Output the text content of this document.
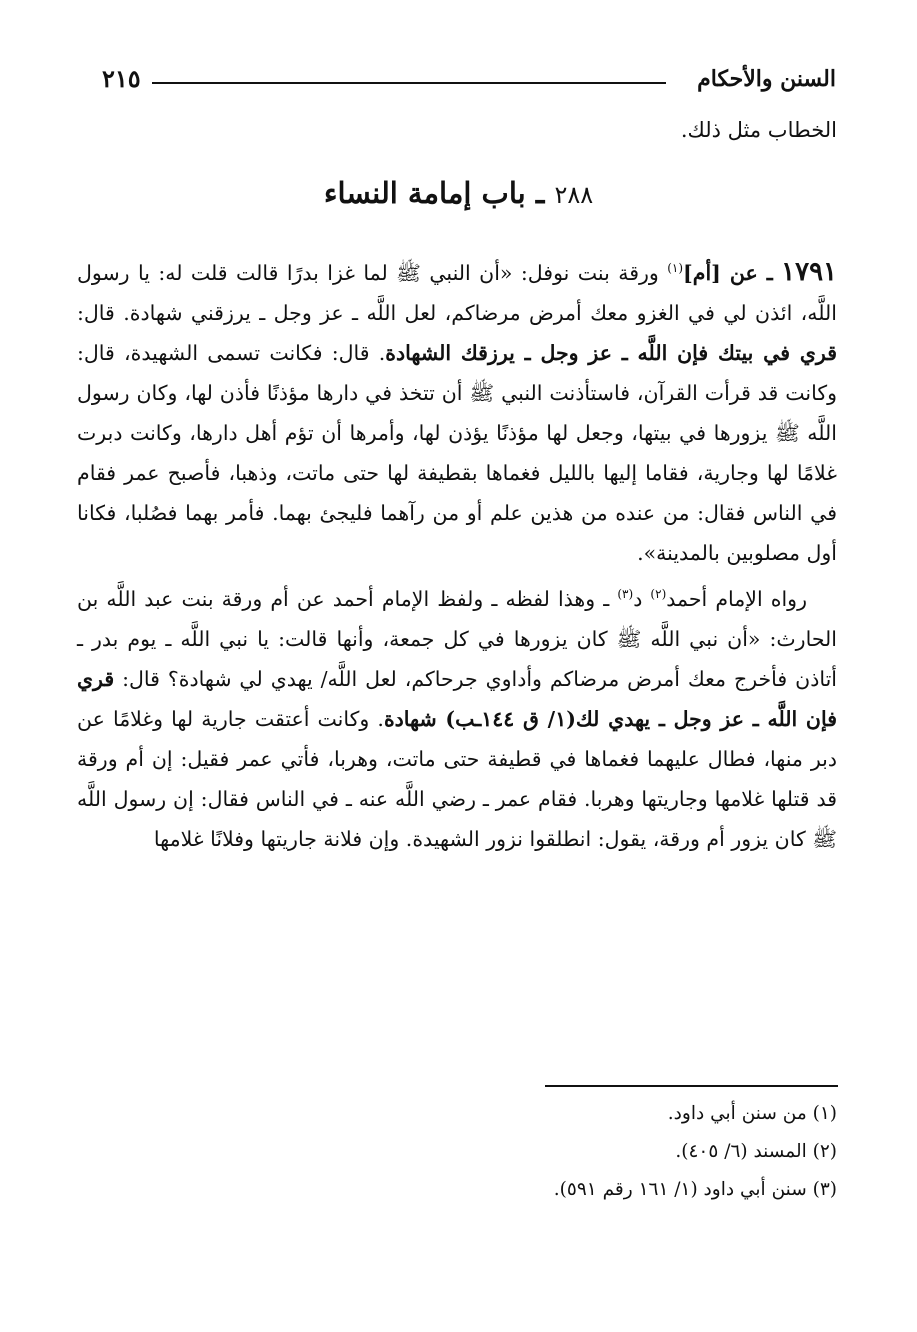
السنن والأحكام
٢١٥
الخطاب مثل ذلك.
٢٨٨ ـ باب إمامة النساء

١٧٩١ ـ عن [أم]$^{(١)}$ ورقة بنت نوفل: «أن النبي ﷺ لما غزا بدرًا قالت قلت له: يا رسول اللَّه، ائذن لي في الغزو معك أمرض مرضاكم، لعل اللَّه ـ عز وجل ـ يرزقني شهادة. قال: قري في بيتك فإن اللَّه ـ عز وجل ـ يرزقك الشهادة. قال: فكانت تسمى الشهيدة، قال: وكانت قد قرأت القرآن، فاستأذنت النبي ﷺ أن تتخذ في دارها مؤذنًا فأذن لها، وكان رسول اللَّه ﷺ يزورها في بيتها، وجعل لها مؤذنًا يؤذن لها، وأمرها أن تؤم أهل دارها، وكانت دبرت غلامًا لها وجارية، فقاما إليها بالليل فغماها بقطيفة لها حتى ماتت، وذهبا، فأصبح عمر فقام في الناس فقال: من عنده من هذين علم أو من رآهما فليجئ بهما. فأمر بهما فصُلبا، فكانا أول مصلوبين بالمدينة».

رواه الإمام أحمد$^{(٢)}$ د$^{(٣)}$ ـ وهذا لفظه ـ ولفظ الإمام أحمد عن أم ورقة بنت عبد اللَّه بن الحارث: «أن نبي اللَّه ﷺ كان يزورها في كل جمعة، وأنها قالت: يا نبي اللَّه ـ يوم بدر ـ أتاذن فأخرج معك أمرض مرضاكم وأداوي جرحاكم، لعل اللَّه/ يهدي لي شهادة؟ قال: قري فإن اللَّه ـ عز وجل ـ يهدي لك(١/ ق ١٤٤ـب) شهادة. وكانت أعتقت جارية لها وغلامًا عن دبر منها، فطال عليهما فغماها في قطيفة حتى ماتت، وهربا، فأتي عمر فقيل: إن أم ورقة قد قتلها غلامها وجاريتها وهربا. فقام عمر ـ رضي اللَّه عنه ـ في الناس فقال: إن رسول اللَّه ﷺ كان يزور أم ورقة، يقول: انطلقوا نزور الشهيدة. وإن فلانة جاريتها وفلانًا غلامها

(١) من سنن أبي داود.
(٢) المسند (٦/ ٤٠٥).
(٣) سنن أبي داود (١/ ١٦١ رقم ٥٩١).
